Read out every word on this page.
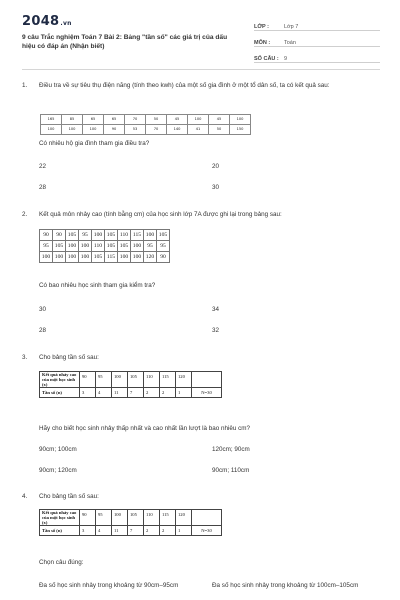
2048.vn
9 câu Trắc nghiệm Toán 7 Bài 2: Bảng "tần số" các giá trị của dấu hiệu có đáp án (Nhận biết)
LỚP :	Lớp 7
MÔN :	Toán
SỐ CÂU : 9
1. Điều tra về sự tiêu thụ điện năng (tính theo kwh) của một số gia đình ở một tổ dân số, ta có kết quả sau:
165	85	65	65	70	50	45	100	45	100
100	100	100	90	53	70	140	41	50	150
Có nhiêu hộ gia đình tham gia điều tra?
22	20
28	30
2. Kết quả môn nhảy cao (tính bằng cm) của học sinh lớp 7A được ghi lại trong bảng sau:
90	90	105	95	100	105	110	115	100	105
95	105	100	100	110	105	105	100	95	95
100	100	100	100	105	115	100	100	120	90
Có bao nhiêu học sinh tham gia kiểm tra?
30	34
28	32
3. Cho bảng tần số sau:
Kết quả nhảy cao của một học sinh (x)	90	95	100	105	110	115	120	
Tần số (n)	3	4	11	7	2	2	1	N=30
Hãy cho biết học sinh nhảy thấp nhất và cao nhất lần lượt là bao nhiêu cm?
90cm; 100cm	120cm; 90cm
90cm; 120cm	90cm; 110cm
4. Cho bảng tần số sau:
Kết quả nhảy cao của một học sinh (x)	90	95	100	105	110	115	120	
Tần số (n)	3	4	11	7	2	2	1	N=30
Chọn câu đúng:
Đa số học sinh nhảy trong khoảng từ 90cm–95cm	Đa số học sinh nhảy trong khoảng từ 100cm–105cm
